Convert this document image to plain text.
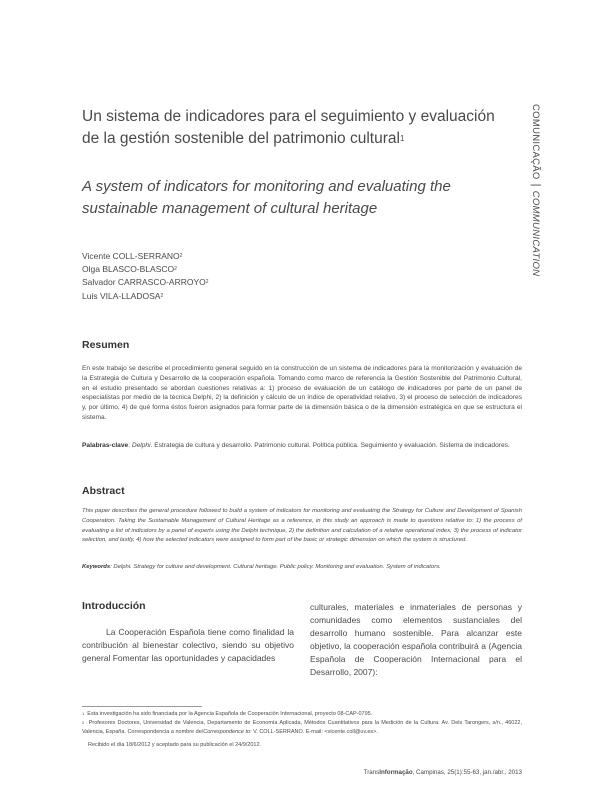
Un sistema de indicadores para el seguimiento y evaluación de la gestión sostenible del patrimonio cultural$^1$
A system of indicators for monitoring and evaluating the sustainable management of cultural heritage
COMUNICAÇÃO|COMMUNICATION
Vicente COLL-SERRANO$^2$
Olga BLASCO-BLASCO$^2$
Salvador CARRASCO-ARROYO$^2$
Luis VILA-LLADOSA$^2$
Resumen
En este trabajo se describe el procedimiento general seguido en la construcción de un sistema de indicadores para la monitorización y evaluación de la Estrategia de Cultura y Desarrollo de la cooperación española. Tomando como marco de referencia la Gestión Sostenible del Patrimonio Cultural, en el estudio presentado se abordan cuestiones relativas a: 1) proceso de evaluación de un catálogo de indicadores por parte de un panel de especialistas por medio de la técnica Delphi, 2) la definición y cálculo de un índice de operatividad relativo, 3) el proceso de selección de indicadores y, por último, 4) de qué forma éstos fueron asignados para formar parte de la dimensión básica o de la dimensión estratégica en que se estructura el sistema.
Palabras-clave: Delphi. Estrategia de cultura y desarrollo. Patrimonio cultural. Política pública. Seguimiento y evaluación. Sistema de indicadores.
Abstract
This paper describes the general procedure followed to build a system of indicators for monitoring and evaluating the Strategy for Culture and Development of Spanish Cooperation. Taking the Sustainable Management of Cultural Heritage as a reference, in this study an approach is made to questions relative to: 1) the process of evaluating a list of indicators by a panel of experts using the Delphi technique, 2) the definition and calculation of a relative operational index, 3) the process of indicator selection, and lastly, 4) how the selected indicators were assigned to form part of the basic or strategic dimension on which the system is structured.
Keywords: Delphi. Strategy for culture and development. Cultural heritage. Public policy. Monitoring and evaluation. System of indicators.
Introducción
La Cooperación Española tiene como finalidad la contribución al bienestar colectivo, siendo su objetivo general Fomentar las oportunidades y capacidades
culturales, materiales e inmateriales de personas y comunidades como elementos sustanciales del desarrollo humano sostenible. Para alcanzar este objetivo, la cooperación española contribuirá a (Agencia Española de Cooperación Internacional para el Desarrollo, 2007):
$^1$ Esta investigación ha sido financiada por la Agencia Española de Cooperación Internacional, proyecto 08-CAP-0795.
$^2$ Profesores Doctores, Universidad de Valencia, Departamento de Economía Aplicada, Métodos Cuantitativos para la Medición de la Cultura. Av. Dels Tarongers, s/n., 46022, Valencia, España. Correspondencia a nombre de/Correspondence to: V. COLL-SERRANO. E-mail: <vicente.coll@uv.es>.
Recibido el día 18/6/2012 y aceptado para su publicación el 24/9/2012.
TransInformação, Campinas, 25(1):55-63, jan./abr., 2013
